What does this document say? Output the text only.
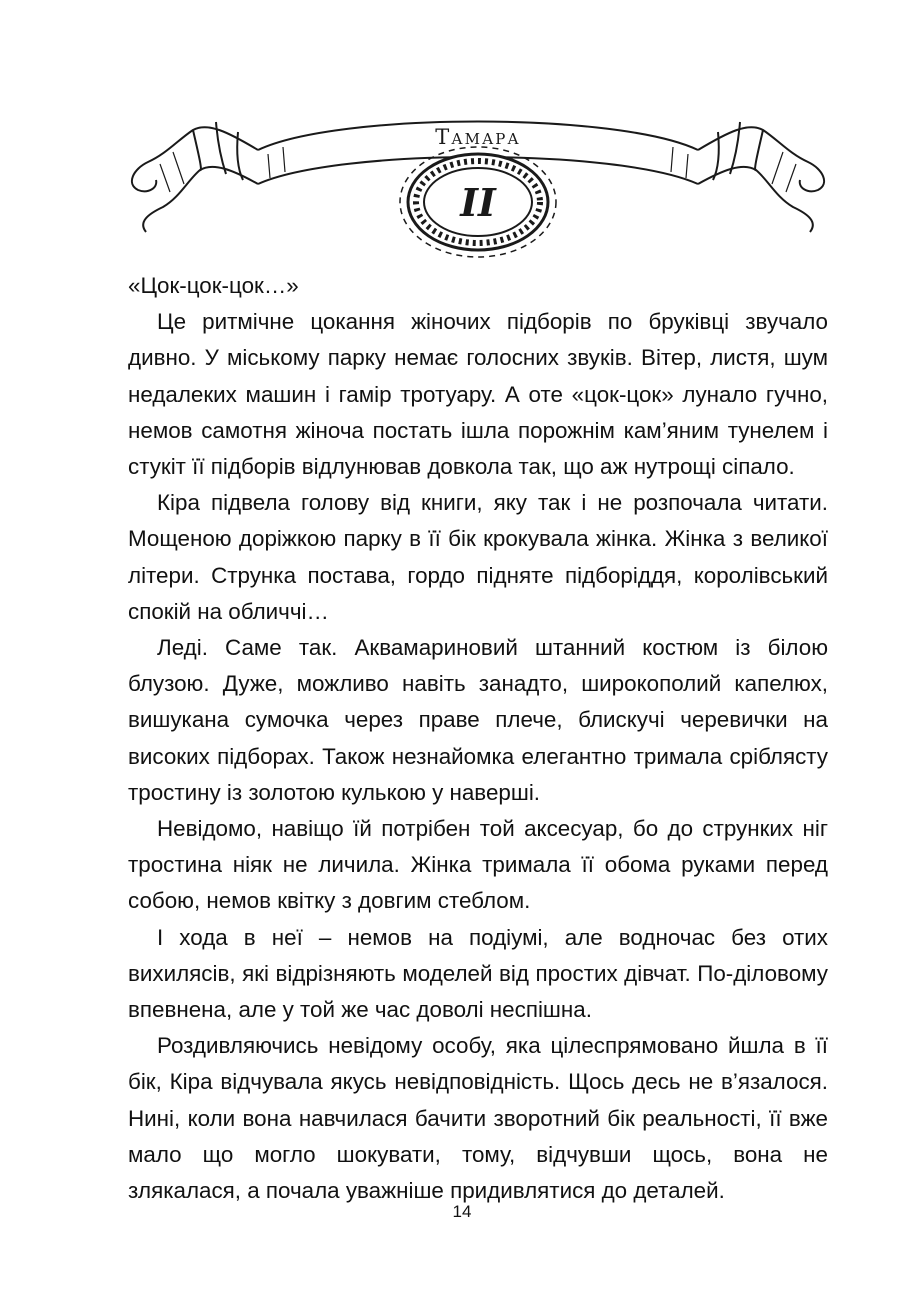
Тамара
II

«Цок-цок-цок…»

Це ритмічне цокання жіночих підборів по бруківці звучало дивно. У міському парку немає голосних звуків. Вітер, листя, шум недалеких машин і гамір тротуару. А оте «цок-цок» лунало гучно, немов самотня жіноча постать ішла порожнім кам’яним тунелем і стукіт її підборів відлунював довкола так, що аж нутрощі сіпало.

Кіра підвела голову від книги, яку так і не розпочала читати. Мощеною доріжкою парку в її бік крокувала жінка. Жінка з великої літери. Струнка постава, гордо підняте підборіддя, королівський спокій на обличчі…

Леді. Саме так. Аквамариновий штанний костюм із білою блузою. Дуже, можливо навіть занадто, широкополий капелюх, вишукана сумочка через праве плече, блискучі черевички на високих підборах. Також незнайомка елегантно тримала сріблясту тростину із золотою кулькою у наверші.

Невідомо, навіщо їй потрібен той аксесуар, бо до струнких ніг тростина ніяк не личила. Жінка тримала її обома руками перед собою, немов квітку з довгим стеблом.

І хода в неї – немов на подіумі, але водночас без отих вихилясів, які відрізняють моделей від простих дівчат. По-діловому впевнена, але у той же час доволі неспішна.

Роздивляючись невідому особу, яка цілеспрямовано йшла в її бік, Кіра відчувала якусь невідповідність. Щось десь не в’язалося. Нині, коли вона навчилася бачити зворотний бік реальності, її вже мало що могло шокувати, тому, відчувши щось, вона не злякалася, а почала уважніше придивлятися до деталей.

14
